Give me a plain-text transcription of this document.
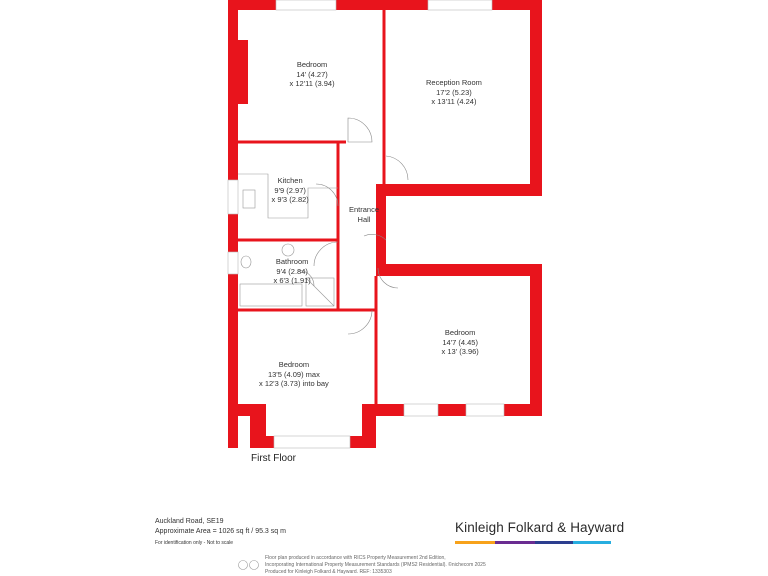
Bedroom
14' (4.27)
x 12'11 (3.94)	Reception Room
17'2 (5.23)
x 13'11 (4.24)
Kitchen
9'9 (2.97)
x 9'3 (2.82)
Entrance
Hall
Bathroom
9'4 (2.84)
x 6'3 (1.91)
Bedroom
14'7 (4.45)
x 13' (3.96)
Bedroom
13'5 (4.09) max
x 12'3 (3.73) into bay
First Floor
Auckland Road, SE19
Approximate Area = 1026 sq ft / 95.3 sq m
For identification only - Not to scale
Kinleigh Folkard & Hayward
Floor plan produced in accordance with RICS Property Measurement 2nd Edition,
Incorporating International Property Measurement Standards (IPMS2 Residential). ©nichecom 2025
Produced for Kinleigh Folkard & Hayward. REF: 1335303
